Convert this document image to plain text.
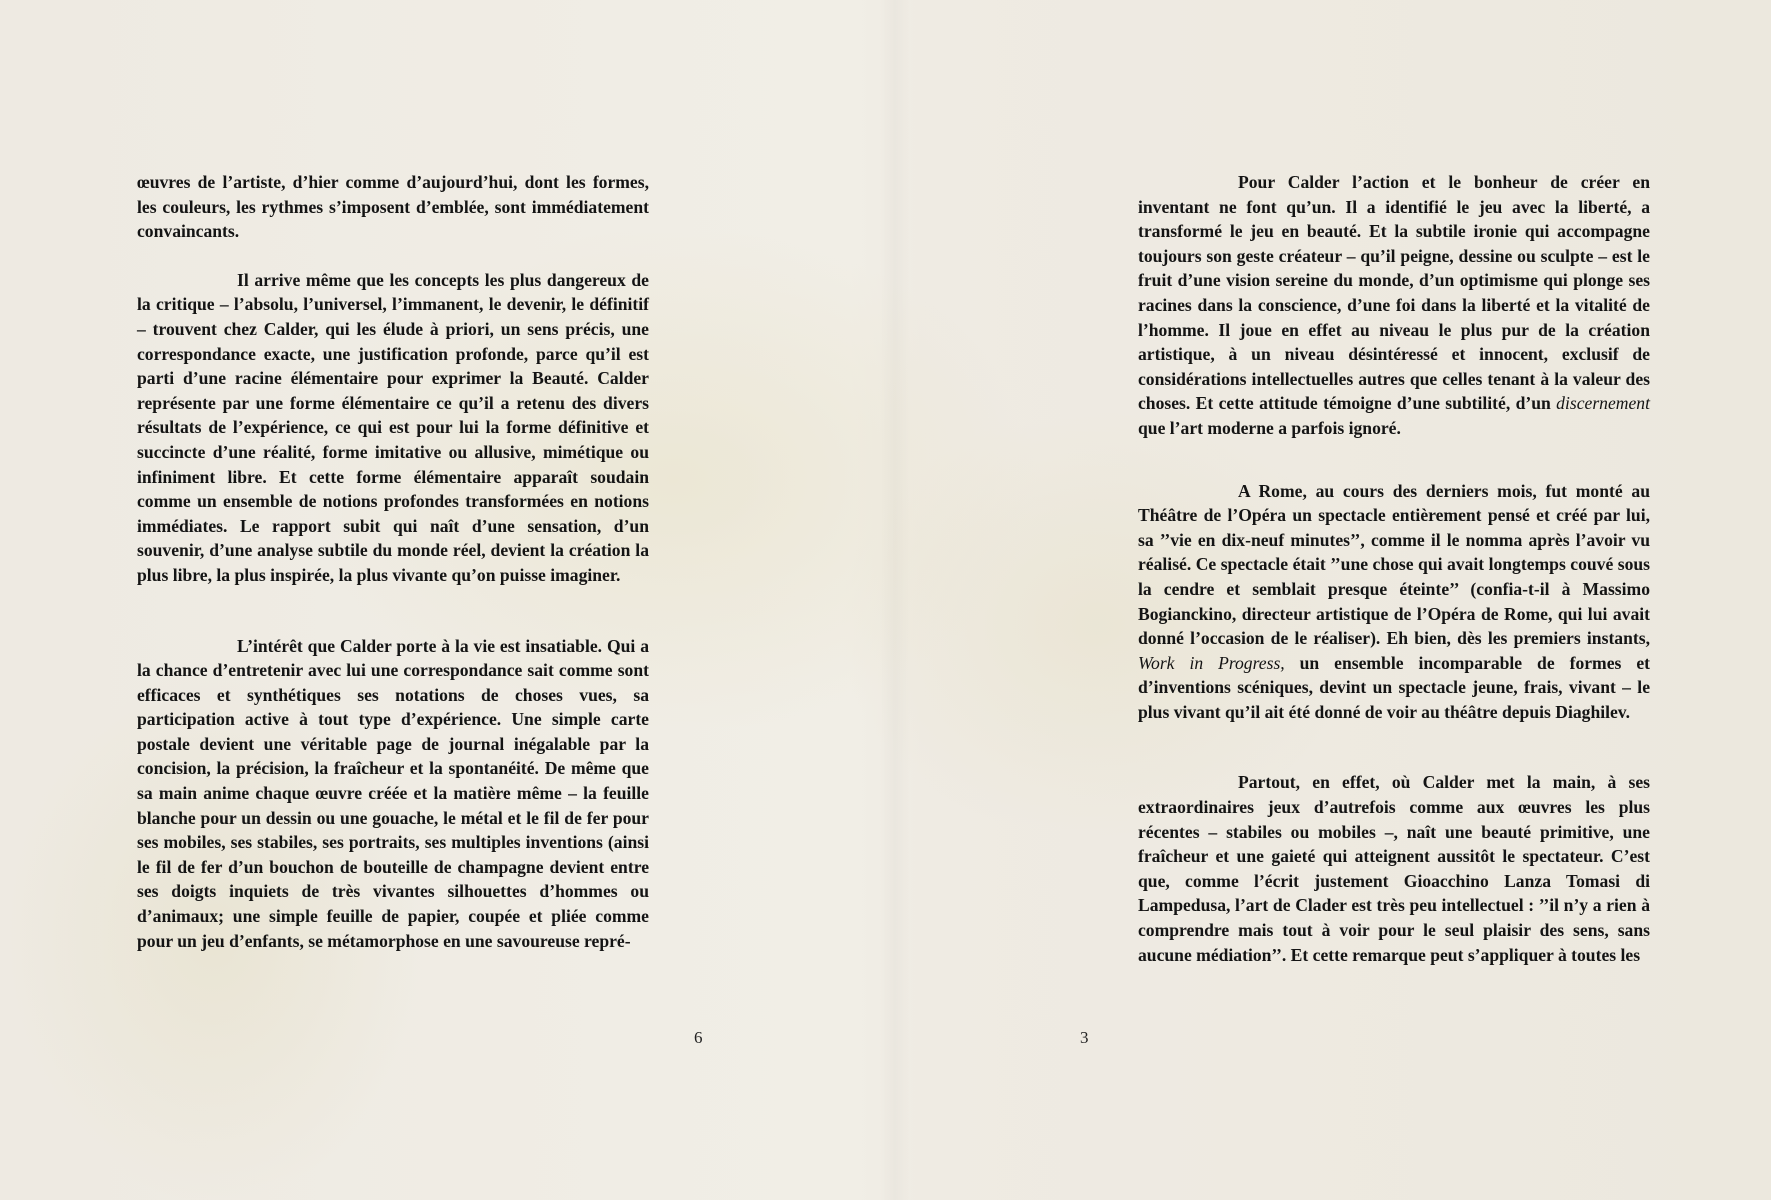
œuvres de l’artiste, d’hier comme d’aujourd’hui, dont les formes, les couleurs, les rythmes s’imposent d’emblée, sont immédiatement convaincants.

Il arrive même que les concepts les plus dangereux de la critique – l’absolu, l’universel, l’immanent, le devenir, le définitif – trouvent chez Calder, qui les élude à priori, un sens précis, une correspondance exacte, une justification profonde, parce qu’il est parti d’une racine élémentaire pour exprimer la Beauté. Calder représente par une forme élémentaire ce qu’il a retenu des divers résultats de l’expérience, ce qui est pour lui la forme définitive et succincte d’une réalité, forme imitative ou allusive, mimétique ou infiniment libre. Et cette forme élémentaire apparaît soudain comme un ensemble de notions profondes transformées en notions immédiates. Le rapport subit qui naît d’une sensation, d’un souvenir, d’une analyse subtile du monde réel, devient la création la plus libre, la plus inspirée, la plus vivante qu’on puisse imaginer.

L’intérêt que Calder porte à la vie est insatiable. Qui a la chance d’entretenir avec lui une correspondance sait comme sont efficaces et synthétiques ses notations de choses vues, sa participation active à tout type d’expérience. Une simple carte postale devient une véritable page de journal inégalable par la concision, la précision, la fraîcheur et la spontanéité. De même que sa main anime chaque œuvre créée et la matière même – la feuille blanche pour un dessin ou une gouache, le métal et le fil de fer pour ses mobiles, ses stabiles, ses portraits, ses multiples inventions (ainsi le fil de fer d’un bouchon de bouteille de champagne devient entre ses doigts inquiets de très vivantes silhouettes d’hommes ou d’animaux; une simple feuille de papier, coupée et pliée comme pour un jeu d’enfants, se métamorphose en une savoureuse repré-

6	3

Pour Calder l’action et le bonheur de créer en inventant ne font qu’un. Il a identifié le jeu avec la liberté, a transformé le jeu en beauté. Et la subtile ironie qui accompagne toujours son geste créateur – qu’il peigne, dessine ou sculpte – est le fruit d’une vision sereine du monde, d’un optimisme qui plonge ses racines dans la conscience, d’une foi dans la liberté et la vitalité de l’homme. Il joue en effet au niveau le plus pur de la création artistique, à un niveau désintéressé et innocent, exclusif de considérations intellectuelles autres que celles tenant à la valeur des choses. Et cette attitude témoigne d’une subtilité, d’un discernement que l’art moderne a parfois ignoré.

A Rome, au cours des derniers mois, fut monté au Théâtre de l’Opéra un spectacle entièrement pensé et créé par lui, sa ’’vie en dix-neuf minutes’’, comme il le nomma après l’avoir vu réalisé. Ce spectacle était ’’une chose qui avait longtemps couvé sous la cendre et semblait presque éteinte’’ (confia-t-il à Massimo Bogianckino, directeur artistique de l’Opéra de Rome, qui lui avait donné l’occasion de le réaliser). Eh bien, dès les premiers instants, Work in Progress, un ensemble incomparable de formes et d’inventions scéniques, devint un spectacle jeune, frais, vivant – le plus vivant qu’il ait été donné de voir au théâtre depuis Diaghilev.

Partout, en effet, où Calder met la main, à ses extraordinaires jeux d’autrefois comme aux œuvres les plus récentes – stabiles ou mobiles –, naît une beauté primitive, une fraîcheur et une gaieté qui atteignent aussitôt le spectateur. C’est que, comme l’écrit justement Gioacchino Lanza Tomasi di Lampedusa, l’art de Clader est très peu intellectuel : ’’il n’y a rien à comprendre mais tout à voir pour le seul plaisir des sens, sans aucune médiation’’. Et cette remarque peut s’appliquer à toutes les
